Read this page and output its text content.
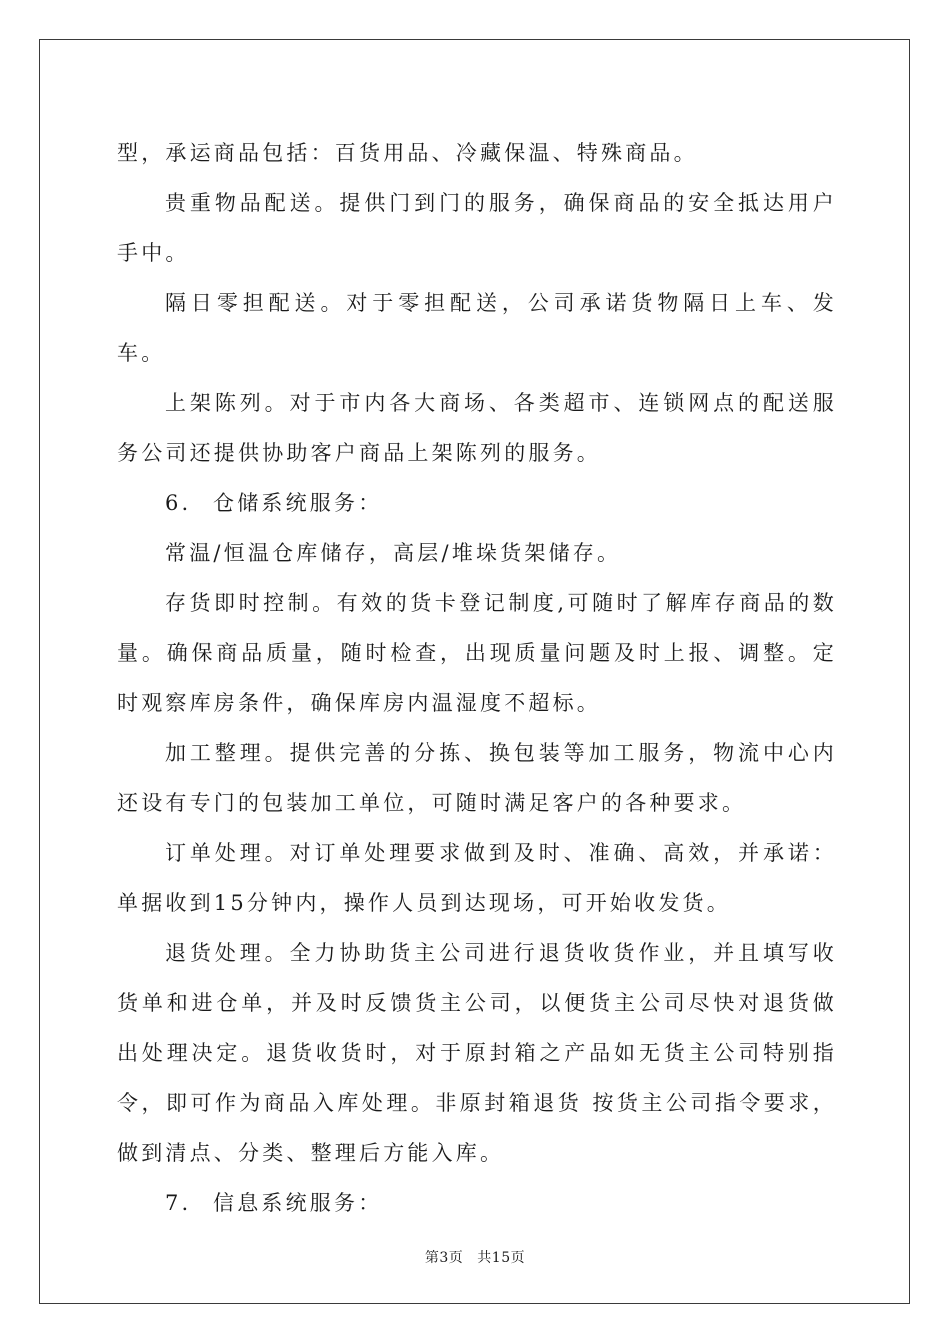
型，承运商品包括：百货用品、冷藏保温、特殊商品。

贵重物品配送。提供门到门的服务，确保商品的安全抵达用户手中。

隔日零担配送。对于零担配送，公司承诺货物隔日上车、发车。

上架陈列。对于市内各大商场、各类超市、连锁网点的配送服务公司还提供协助客户商品上架陈列的服务。

6. 仓储系统服务：

常温/恒温仓库储存，高层/堆垛货架储存。

存货即时控制。有效的货卡登记制度,可随时了解库存商品的数量。确保商品质量，随时检查，出现质量问题及时上报、调整。定时观察库房条件，确保库房内温湿度不超标。

加工整理。提供完善的分拣、换包装等加工服务，物流中心内还设有专门的包装加工单位，可随时满足客户的各种要求。

订单处理。对订单处理要求做到及时、准确、高效，并承诺：单据收到15分钟内，操作人员到达现场，可开始收发货。

退货处理。全力协助货主公司进行退货收货作业，并且填写收货单和进仓单，并及时反馈货主公司，以便货主公司尽快对退货做出处理决定。退货收货时，对于原封箱之产品如无货主公司特别指令，即可作为商品入库处理。非原封箱退货 按货主公司指令要求，做到清点、分类、整理后方能入库。

7. 信息系统服务：

第3页 共15页
